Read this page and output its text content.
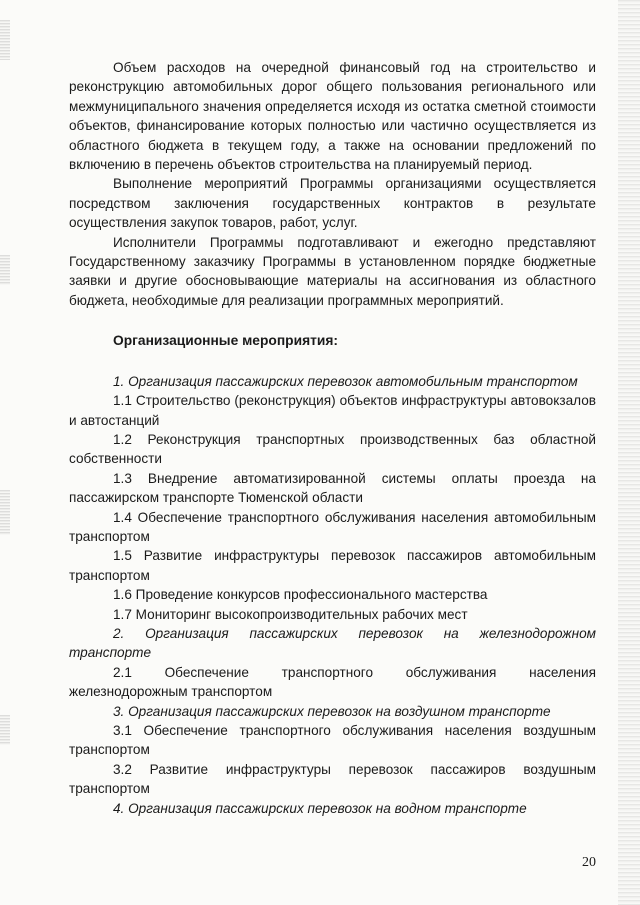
Объем расходов на очередной финансовый год на строительство и реконструкцию автомобильных дорог общего пользования регионального или межмуниципального значения определяется исходя из остатка сметной стоимости объектов, финансирование которых полностью или частично осуществляется из областного бюджета в текущем году, а также на основании предложений по включению в перечень объектов строительства на планируемый период.

Выполнение мероприятий Программы организациями осуществляется посредством заключения государственных контрактов в результате осуществления закупок товаров, работ, услуг.

Исполнители Программы подготавливают и ежегодно представляют Государственному заказчику Программы в установленном порядке бюджетные заявки и другие обосновывающие материалы на ассигнования из областного бюджета, необходимые для реализации программных мероприятий.

Организационные мероприятия:

1. Организация пассажирских перевозок автомобильным транспортом

1.1 Строительство (реконструкция) объектов инфраструктуры автовокзалов и автостанций

1.2 Реконструкция транспортных производственных баз областной собственности

1.3 Внедрение автоматизированной системы оплаты проезда на пассажирском транспорте Тюменской области

1.4 Обеспечение транспортного обслуживания населения автомобильным транспортом

1.5 Развитие инфраструктуры перевозок пассажиров автомобильным транспортом

1.6 Проведение конкурсов профессионального мастерства

1.7 Мониторинг высокопроизводительных рабочих мест

2. Организация пассажирских перевозок на железнодорожном транспорте

2.1 Обеспечение транспортного обслуживания населения железнодорожным транспортом

3. Организация пассажирских перевозок на воздушном транспорте

3.1 Обеспечение транспортного обслуживания населения воздушным транспортом

3.2 Развитие инфраструктуры перевозок пассажиров воздушным транспортом

4. Организация пассажирских перевозок на водном транспорте

20
